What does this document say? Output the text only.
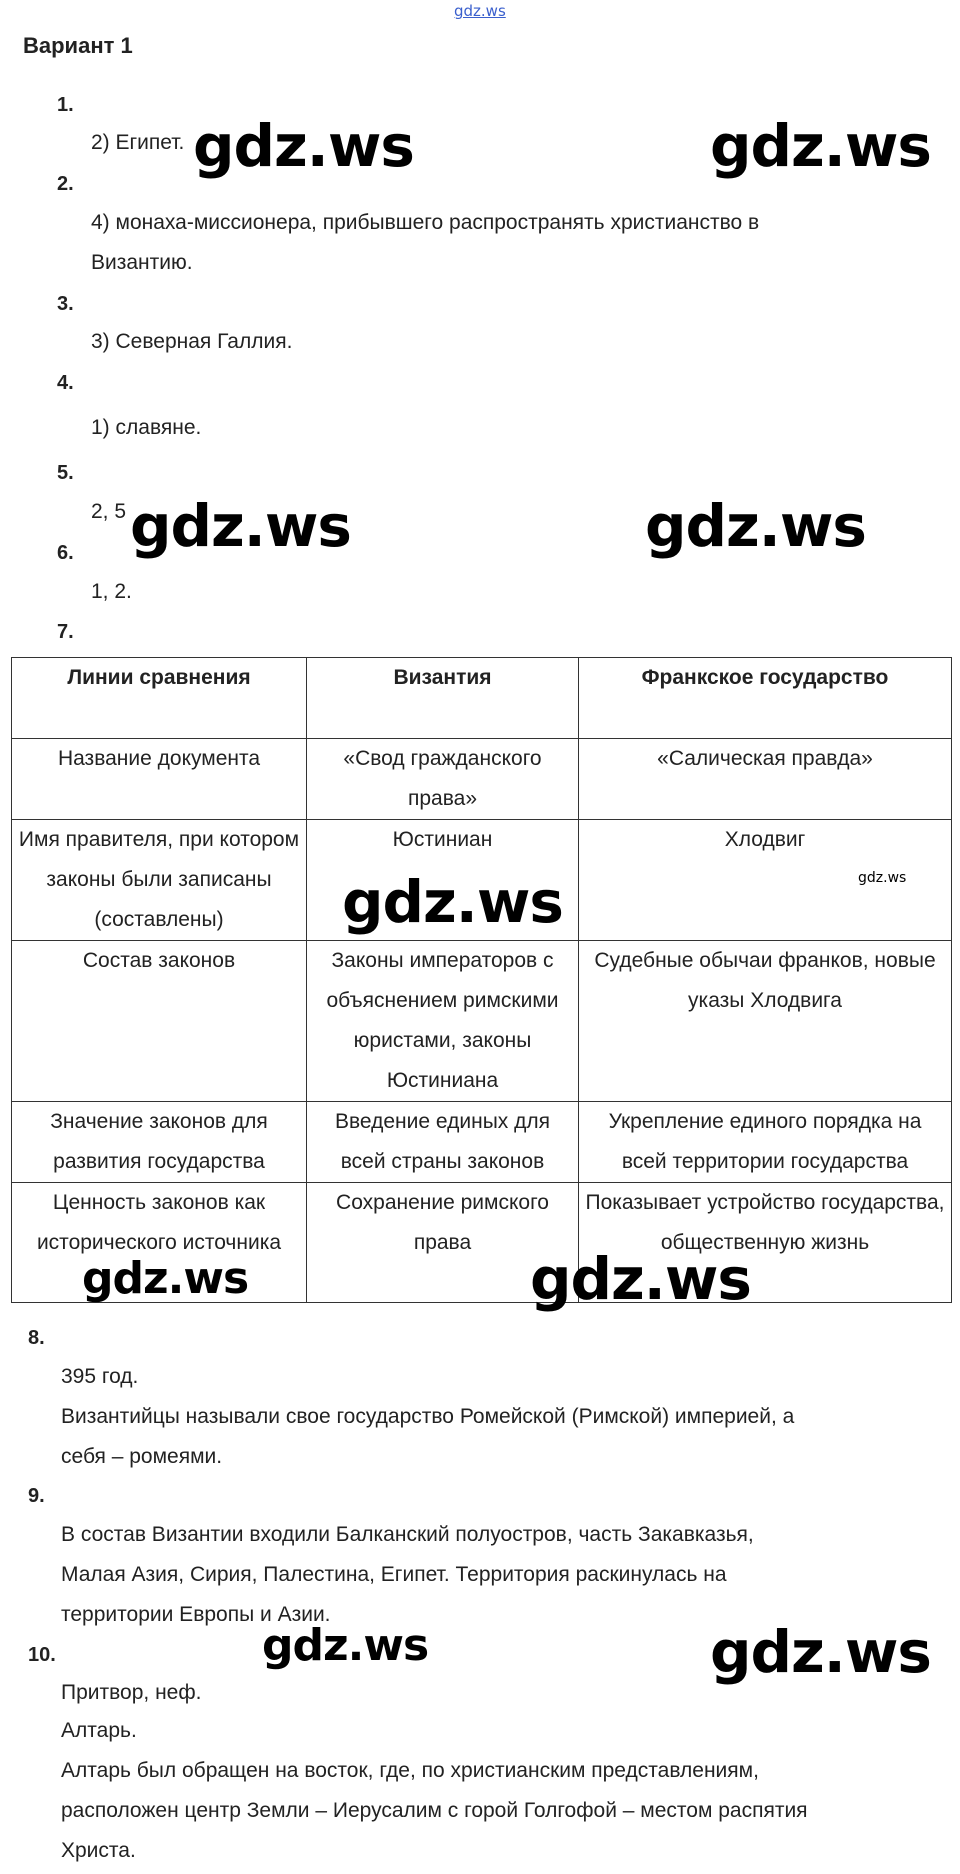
gdz.ws
Вариант 1
1.
2) Египет.
2.
4) монаха-миссионера, прибывшего распространять христианство в
Византию.
3.
3) Северная Галлия.
4.
1) славяне.
5.
2, 5
6.
1, 2.
7.
Линии сравнения	Византия	Франкское государство
Название документа	«Свод гражданского права»	«Салическая правда»
Имя правителя, при котором законы были записаны (составлены)	Юстиниан	Хлодвиг
Состав законов	Законы императоров с объяснением римскими юристами, законы Юстиниана	Судебные обычаи франков, новые указы Хлодвига
Значение законов для развития государства	Введение единых для всей страны законов	Укрепление единого порядка на всей территории государства
Ценность законов как исторического источника	Сохранение римского права	Показывает устройство государства, общественную жизнь
8.
395 год.
Византийцы называли свое государство Ромейской (Римской) империей, а
себя – ромеями.
9.
В состав Византии входили Балканский полуостров, часть Закавказья,
Малая Азия, Сирия, Палестина, Египет. Территория раскинулась на
территории Европы и Азии.
10.
Притвор, неф.
Алтарь.
Алтарь был обращен на восток, где, по христианским представлениям,
расположен центр Земли – Иерусалим с горой Голгофой – местом распятия
Христа.
gdz.ws	gdz.ws
gdz.ws	gdz.ws
gdz.ws	gdz.ws
gdz.ws	gdz.ws
gdz.ws	gdz.ws
